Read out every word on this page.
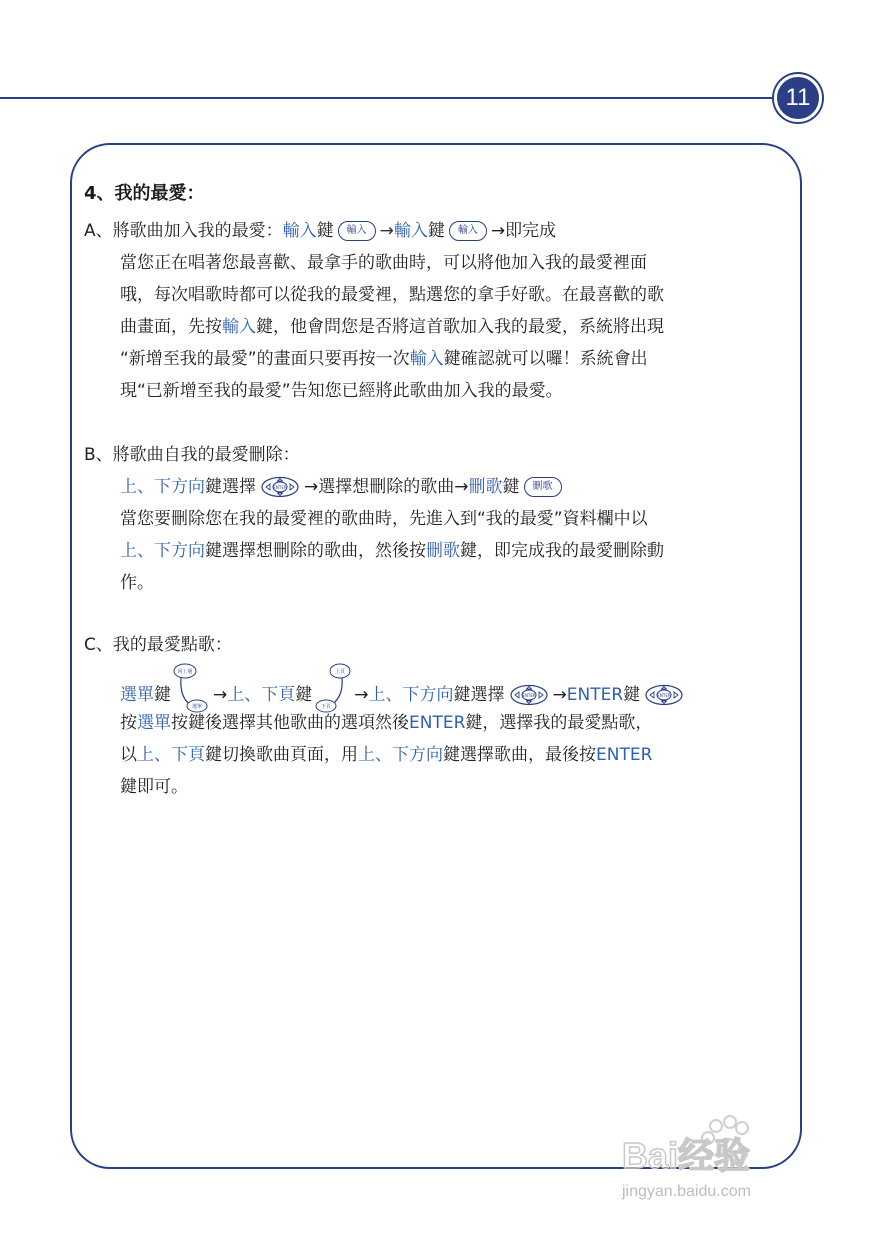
11
4、我的最愛：
A、將歌曲加入我的最愛：輸入鍵 輸入 →輸入鍵 輸入 →即完成
當您正在唱著您最喜歡、最拿手的歌曲時，可以將他加入我的最愛裡面
哦，每次唱歌時都可以從我的最愛裡，點選您的拿手好歌。在最喜歡的歌
曲畫面，先按輸入鍵，他會問您是否將這首歌加入我的最愛，系統將出現
“新增至我的最愛”的畫面只要再按一次輸入鍵確認就可以囉！系統會出
現“已新增至我的最愛”告知您已經將此歌曲加入我的最愛。
B、將歌曲自我的最愛刪除：
上、下方向鍵選擇	ENTER →選擇想刪除的歌曲→刪歌鍵 刪歌
當您要刪除您在我的最愛裡的歌曲時，先進入到“我的最愛”資料欄中以
上、下方向鍵選擇想刪除的歌曲，然後按刪歌鍵，即完成我的最愛刪除動
作。
C、我的最愛點歌：
選單鍵
回上層
選單
→上、下頁鍵
上頁
下頁
→上、下方向鍵選擇	ENTER →ENTER鍵	ENTER
按選單按鍵後選擇其他歌曲的選項然後ENTER鍵，選擇我的最愛點歌，
以上、下頁鍵切換歌曲頁面，用上、下方向鍵選擇歌曲，最後按ENTER
鍵即可。
Bai经验
jingyan.baidu.com
